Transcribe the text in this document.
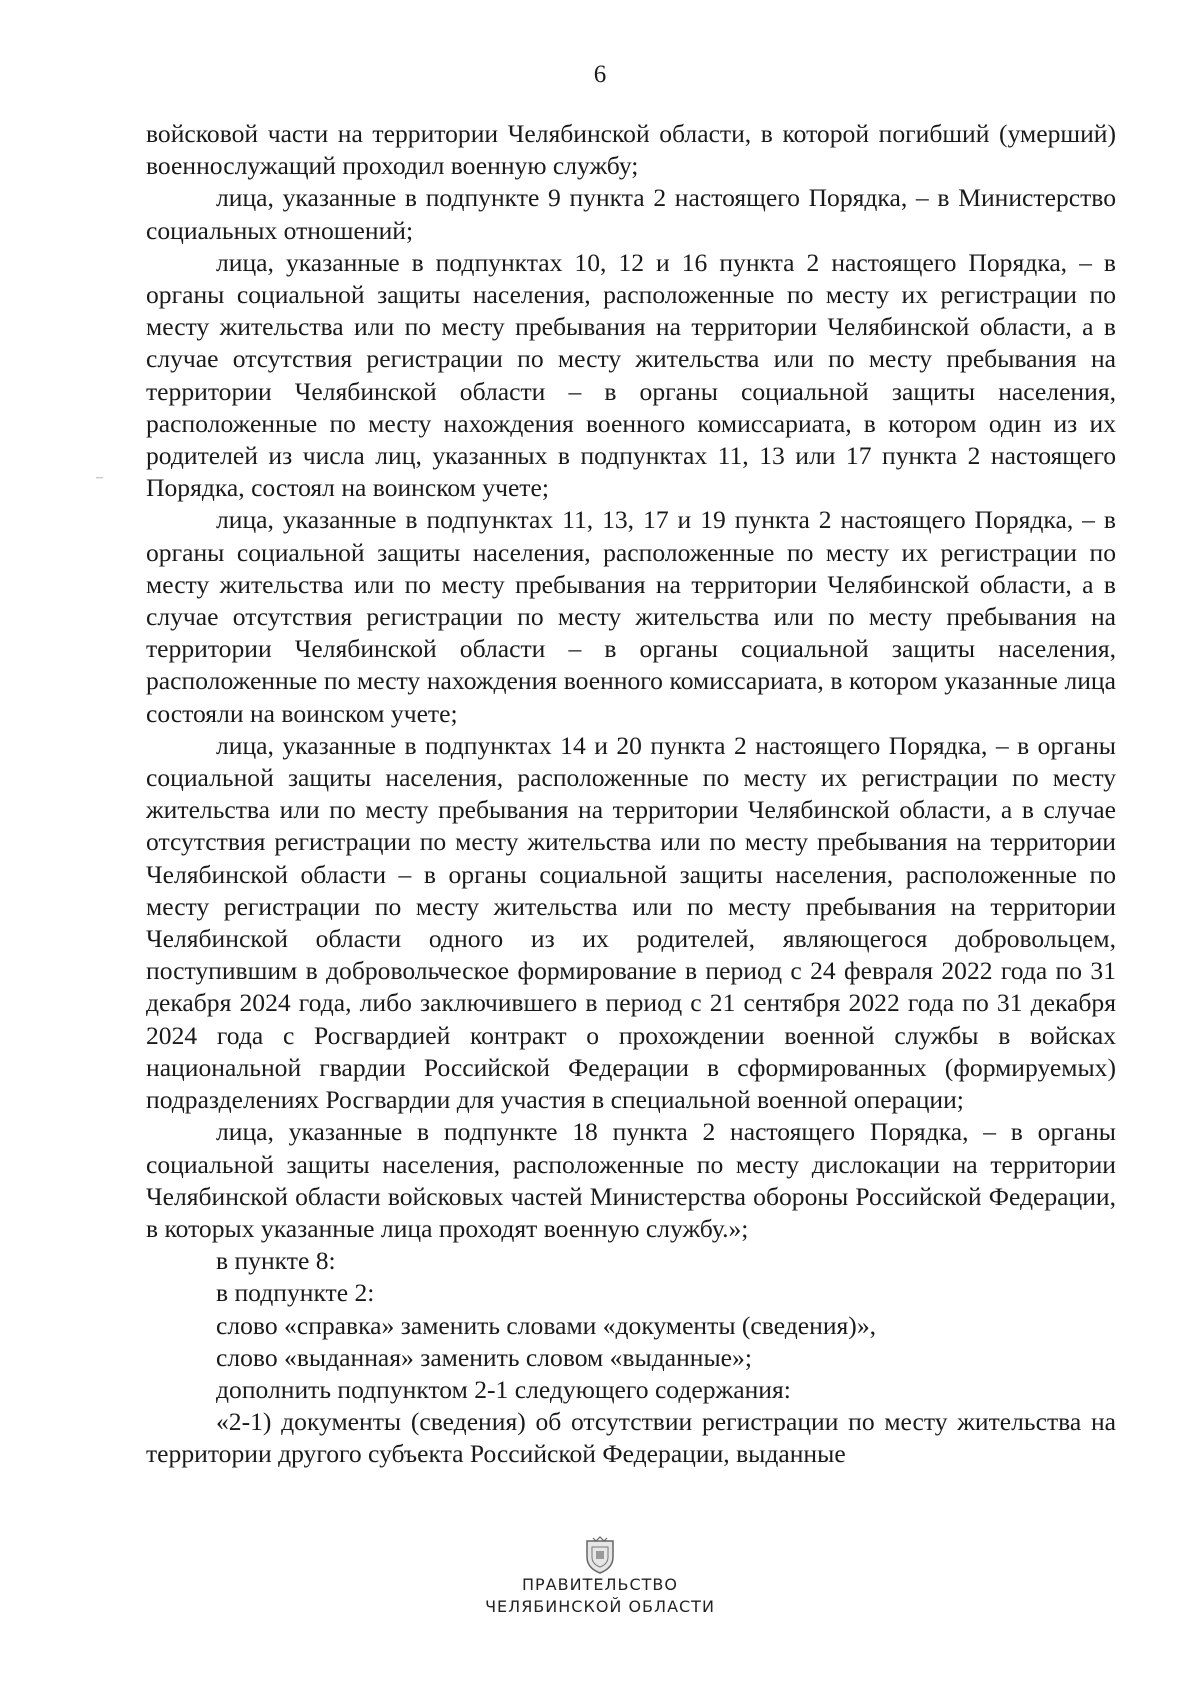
6
–

войсковой части на территории Челябинской области, в которой погибший (умерший) военнослужащий проходил военную службу;

лица, указанные в подпункте 9 пункта 2 настоящего Порядка, – в Министерство социальных отношений;

лица, указанные в подпунктах 10, 12 и 16 пункта 2 настоящего Порядка, – в органы социальной защиты населения, расположенные по месту их регистрации по месту жительства или по месту пребывания на территории Челябинской области, а в случае отсутствия регистрации по месту жительства или по месту пребывания на территории Челябинской области – в органы социальной защиты населения, расположенные по месту нахождения военного комиссариата, в котором один из их родителей из числа лиц, указанных в подпунктах 11, 13 или 17 пункта 2 настоящего Порядка, состоял на воинском учете;

лица, указанные в подпунктах 11, 13, 17 и 19 пункта 2 настоящего Порядка, – в органы социальной защиты населения, расположенные по месту их регистрации по месту жительства или по месту пребывания на территории Челябинской области, а в случае отсутствия регистрации по месту жительства или по месту пребывания на территории Челябинской области – в органы социальной защиты населения, расположенные по месту нахождения военного комиссариата, в котором указанные лица состояли на воинском учете;

лица, указанные в подпунктах 14 и 20 пункта 2 настоящего Порядка, – в органы социальной защиты населения, расположенные по месту их регистрации по месту жительства или по месту пребывания на территории Челябинской области, а в случае отсутствия регистрации по месту жительства или по месту пребывания на территории Челябинской области – в органы социальной защиты населения, расположенные по месту регистрации по месту жительства или по месту пребывания на территории Челябинской области одного из их родителей, являющегося добровольцем, поступившим в добровольческое формирование в период с 24 февраля 2022 года по 31 декабря 2024 года, либо заключившего в период с 21 сентября 2022 года по 31 декабря 2024 года с Росгвардией контракт о прохождении военной службы в войсках национальной гвардии Российской Федерации в сформированных (формируемых) подразделениях Росгвардии для участия в специальной военной операции;

лица, указанные в подпункте 18 пункта 2 настоящего Порядка, – в органы социальной защиты населения, расположенные по месту дислокации на территории Челябинской области войсковых частей Министерства обороны Российской Федерации, в которых указанные лица проходят военную службу.»;

в пункте 8:

в подпункте 2:

слово «справка» заменить словами «документы (сведения)»,

слово «выданная» заменить словом «выданные»;

дополнить подпунктом 2-1 следующего содержания:

«2-1) документы (сведения) об отсутствии регистрации по месту жительства на территории другого субъекта Российской Федерации, выданные

ПРАВИТЕЛЬСТВО
ЧЕЛЯБИНСКОЙ ОБЛАСТИ
